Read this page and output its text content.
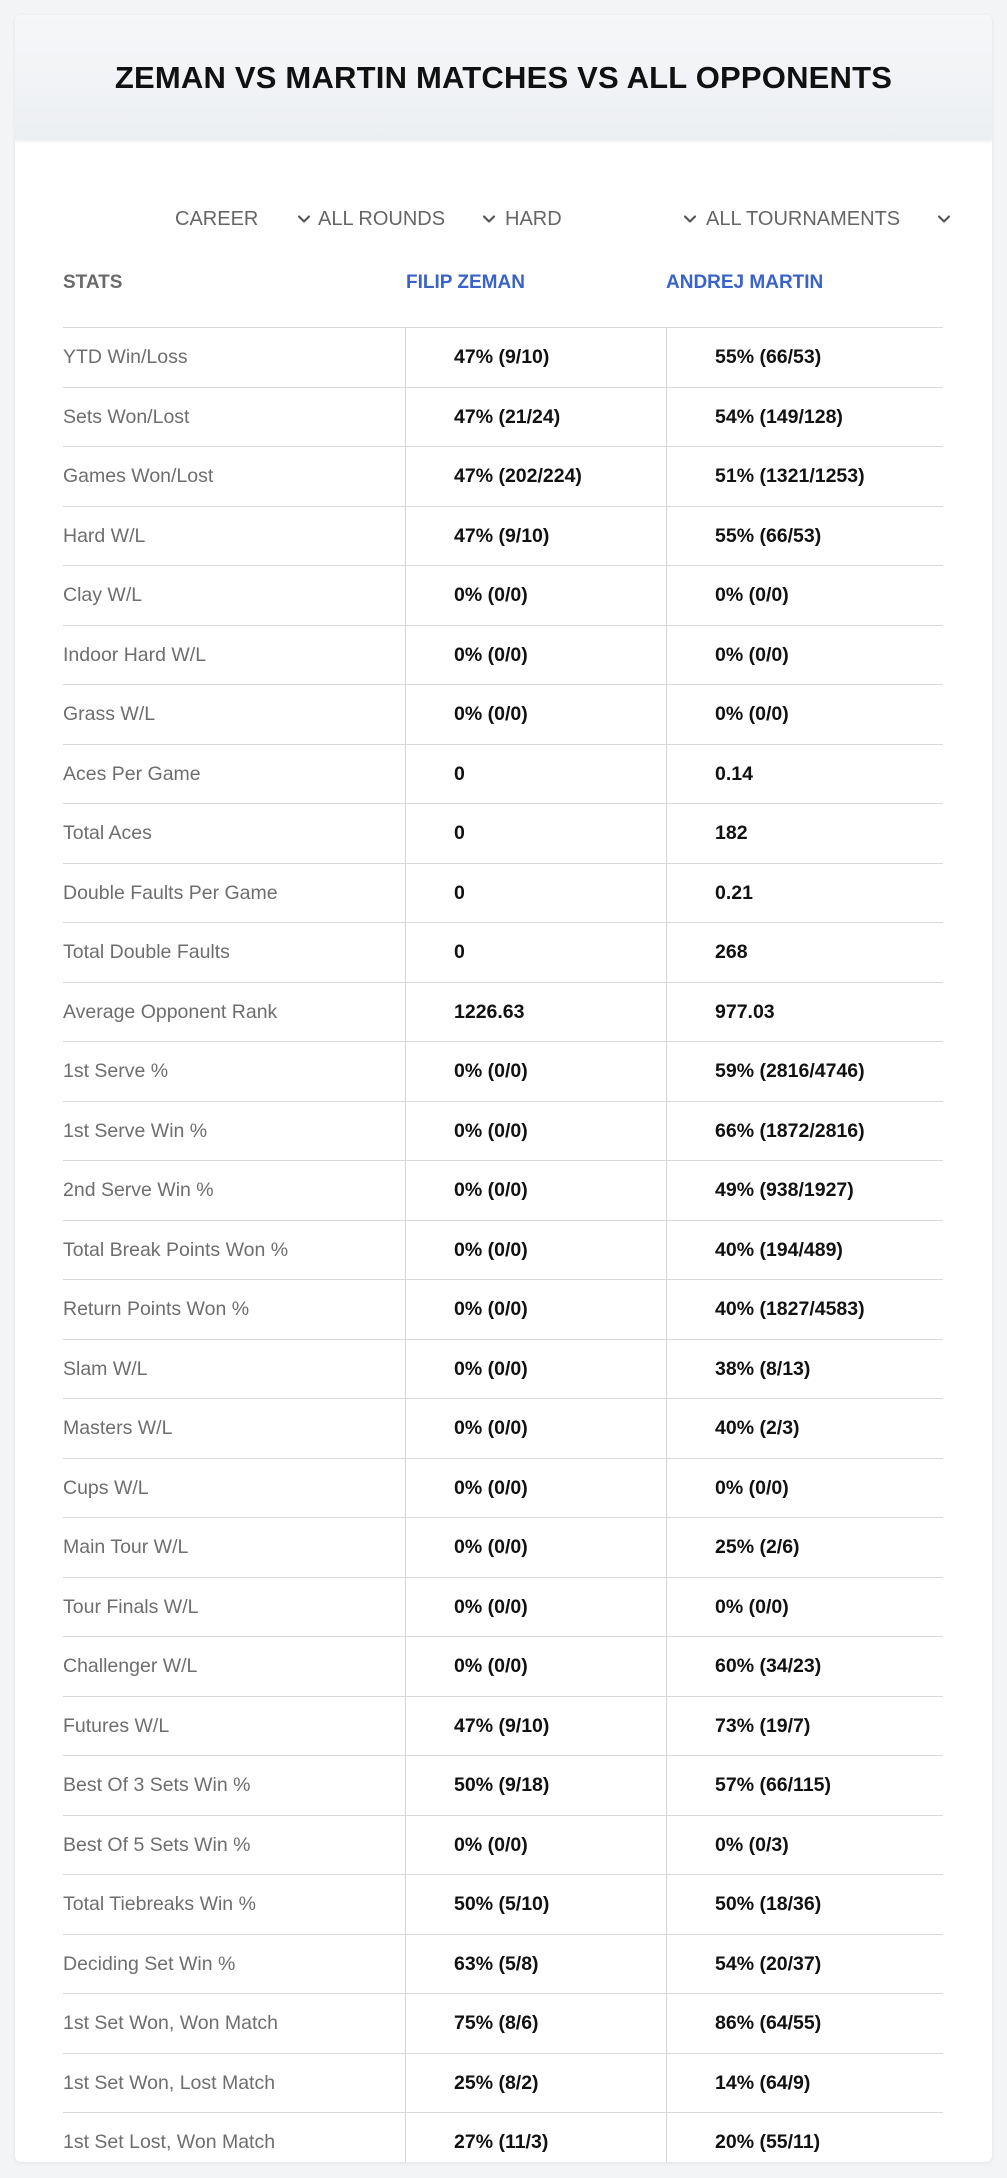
ZEMAN VS MARTIN MATCHES VS ALL OPPONENTS
CAREER	ALL ROUNDS	HARD	ALL TOURNAMENTS
STATS	FILIP ZEMAN	ANDREJ MARTIN
YTD Win/Loss	47% (9/10)	55% (66/53)
Sets Won/Lost	47% (21/24)	54% (149/128)
Games Won/Lost	47% (202/224)	51% (1321/1253)
Hard W/L	47% (9/10)	55% (66/53)
Clay W/L	0% (0/0)	0% (0/0)
Indoor Hard W/L	0% (0/0)	0% (0/0)
Grass W/L	0% (0/0)	0% (0/0)
Aces Per Game	0	0.14
Total Aces	0	182
Double Faults Per Game	0	0.21
Total Double Faults	0	268
Average Opponent Rank	1226.63	977.03
1st Serve %	0% (0/0)	59% (2816/4746)
1st Serve Win %	0% (0/0)	66% (1872/2816)
2nd Serve Win %	0% (0/0)	49% (938/1927)
Total Break Points Won %	0% (0/0)	40% (194/489)
Return Points Won %	0% (0/0)	40% (1827/4583)
Slam W/L	0% (0/0)	38% (8/13)
Masters W/L	0% (0/0)	40% (2/3)
Cups W/L	0% (0/0)	0% (0/0)
Main Tour W/L	0% (0/0)	25% (2/6)
Tour Finals W/L	0% (0/0)	0% (0/0)
Challenger W/L	0% (0/0)	60% (34/23)
Futures W/L	47% (9/10)	73% (19/7)
Best Of 3 Sets Win %	50% (9/18)	57% (66/115)
Best Of 5 Sets Win %	0% (0/0)	0% (0/3)
Total Tiebreaks Win %	50% (5/10)	50% (18/36)
Deciding Set Win %	63% (5/8)	54% (20/37)
1st Set Won, Won Match	75% (8/6)	86% (64/55)
1st Set Won, Lost Match	25% (8/2)	14% (64/9)
1st Set Lost, Won Match	27% (11/3)	20% (55/11)
